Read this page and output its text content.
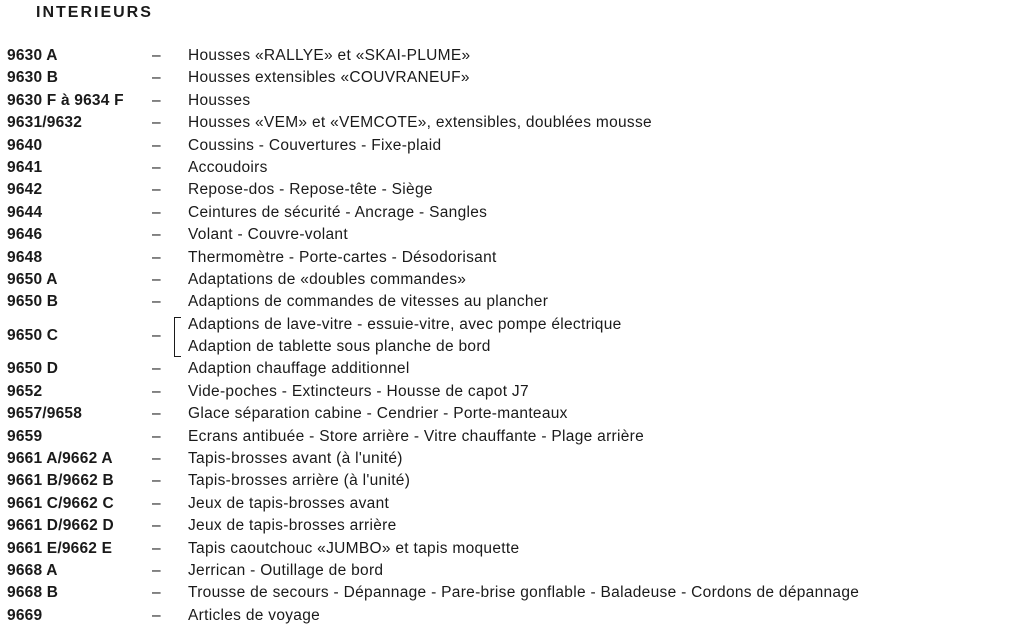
INTERIEURS
9630 A	– Housses «RALLYE» et «SKAI-PLUME»
9630 B	– Housses extensibles «COUVRANEUF»
9630 F à 9634 F – Housses
9631/9632	– Housses «VEM» et «VEMCOTE», extensibles, doublées mousse
9640	– Coussins - Couvertures - Fixe-plaid
9641	– Accoudoirs
9642	– Repose-dos - Repose-tête - Siège
9644	– Ceintures de sécurité - Ancrage - Sangles
9646	– Volant - Couvre-volant
9648	– Thermomètre - Porte-cartes - Désodorisant
9650 A	– Adaptations de «doubles commandes»
9650 B	– Adaptions de commandes de vitesses au plancher
9650 C	–
Adaptions de lave-vitre - essuie-vitre, avec pompe électrique
Adaption de tablette sous planche de bord
9650 D	– Adaption chauffage additionnel
9652	– Vide-poches - Extincteurs - Housse de capot J7
9657/9658	– Glace séparation cabine - Cendrier - Porte-manteaux
9659	– Ecrans antibuée - Store arrière - Vitre chauffante - Plage arrière
9661 A/9662 A	– Tapis-brosses avant (à l'unité)
9661 B/9662 B – Tapis-brosses arrière (à l'unité)
9661 C/9662 C – Jeux de tapis-brosses avant
9661 D/9662 D – Jeux de tapis-brosses arrière
9661 E/9662 E	– Tapis caoutchouc «JUMBO» et tapis moquette
9668 A	– Jerrican - Outillage de bord
9668 B	– Trousse de secours - Dépannage - Pare-brise gonflable - Baladeuse - Cordons de dépannage
9669	– Articles de voyage
